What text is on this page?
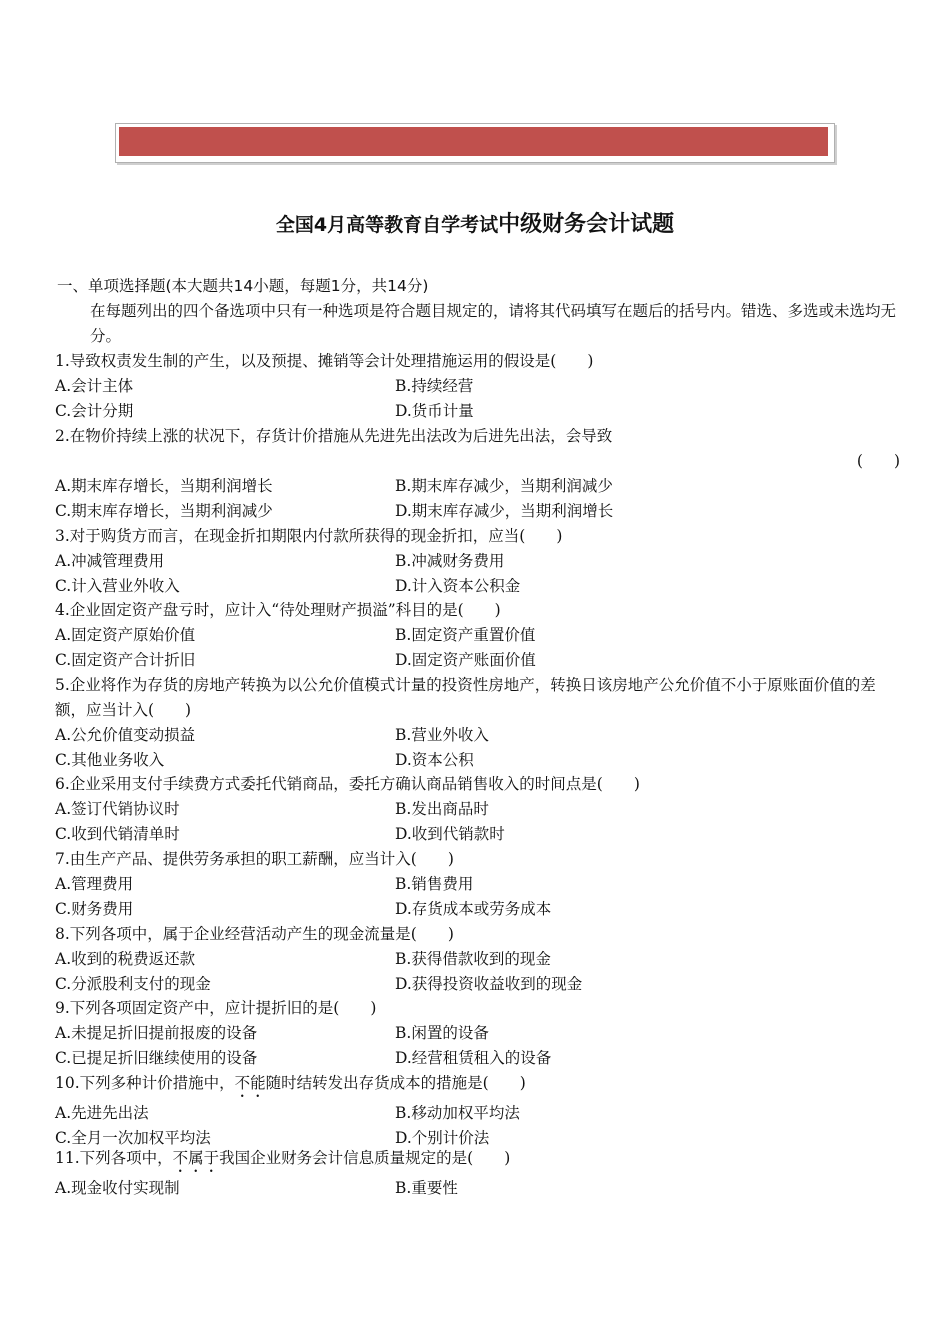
全国4月高等教育自学考试中级财务会计试题
一、单项选择题(本大题共14小题，每题1分，共14分)
在每题列出的四个备选项中只有一种选项是符合题目规定的，请将其代码填写在题后的括号内。错选、多选或未选均无分。
1.导致权责发生制的产生，以及预提、摊销等会计处理措施运用的假设是(　　)
A.会计主体	B.持续经营
C.会计分期	D.货币计量
2.在物价持续上涨的状况下，存货计价措施从先进先出法改为后进先出法，会导致
(　　)
A.期末库存增长，当期利润增长	B.期末库存减少，当期利润减少
C.期末库存增长，当期利润减少	D.期末库存减少，当期利润增长
3.对于购货方而言，在现金折扣期限内付款所获得的现金折扣，应当(　　)
A.冲减管理费用	B.冲减财务费用
C.计入营业外收入	D.计入资本公积金
4.企业固定资产盘亏时，应计入“待处理财产损溢”科目的是(　　)
A.固定资产原始价值	B.固定资产重置价值
C.固定资产合计折旧	D.固定资产账面价值
5.企业将作为存货的房地产转换为以公允价值模式计量的投资性房地产，转换日该房地产公允价值不小于原账面价值的差额，应当计入(　　)
A.公允价值变动损益	B.营业外收入
C.其他业务收入	D.资本公积
6.企业采用支付手续费方式委托代销商品，委托方确认商品销售收入的时间点是(　　)
A.签订代销协议时	B.发出商品时
C.收到代销清单时	D.收到代销款时
7.由生产产品、提供劳务承担的职工薪酬，应当计入(　　)
A.管理费用	B.销售费用
C.财务费用	D.存货成本或劳务成本
8.下列各项中，属于企业经营活动产生的现金流量是(　　)
A.收到的税费返还款	B.获得借款收到的现金
C.分派股利支付的现金	D.获得投资收益收到的现金
9.下列各项固定资产中，应计提折旧的是(　　)
A.未提足折旧提前报废的设备	B.闲置的设备
C.已提足折旧继续使用的设备	D.经营租赁租入的设备
10.下列多种计价措施中，不能随时结转发出存货成本的措施是(　　)
A.先进先出法	B.移动加权平均法
C.全月一次加权平均法	D.个别计价法
11.下列各项中，不属于我国企业财务会计信息质量规定的是(　　)
A.现金收付实现制	B.重要性
